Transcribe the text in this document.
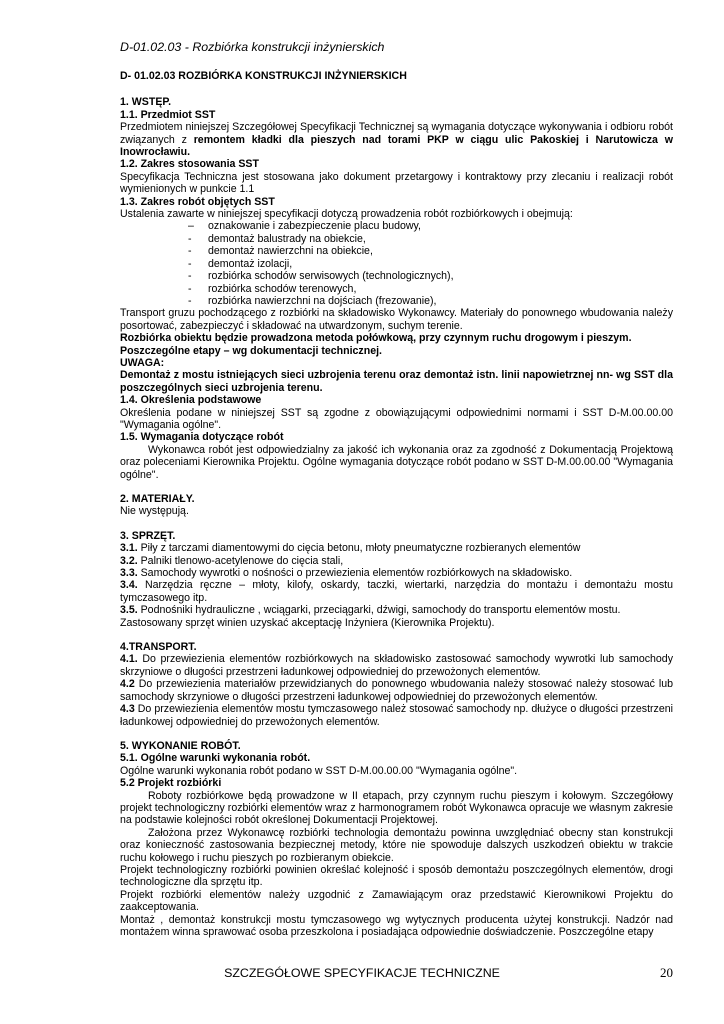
D-01.02.03 - Rozbiórka konstrukcji inżynierskich

D- 01.02.03 ROZBIÓRKA KONSTRUKCJI INŻYNIERSKICH

1. WSTĘP.

1.1. Przedmiot SST

Przedmiotem niniejszej Szczegółowej Specyfikacji Technicznej są wymagania dotyczące wykonywania i odbioru robót związanych z remontem kładki dla pieszych nad torami PKP w ciągu ulic Pakoskiej i Narutowicza w Inowrocławiu.

1.2. Zakres stosowania SST

Specyfikacja Techniczna jest stosowana jako dokument przetargowy i kontraktowy przy zlecaniu i realizacji robót wymienionych w punkcie 1.1

1.3. Zakres robót objętych SST

Ustalenia zawarte w niniejszej specyfikacji dotyczą prowadzenia robót rozbiórkowych i obejmują:

–	oznakowanie i zabezpieczenie placu budowy,
-	demontaż balustrady na obiekcie,
-	demontaż nawierzchni na obiekcie,
-	demontaż izolacji,
-	rozbiórka schodów serwisowych (technologicznych),
-	rozbiórka schodów terenowych,
-	rozbiórka nawierzchni na dojściach (frezowanie),

Transport gruzu pochodzącego z rozbiórki na składowisko Wykonawcy. Materiały do ponownego wbudowania należy posortować, zabezpieczyć i składować na utwardzonym, suchym terenie.

Rozbiórka obiektu będzie prowadzona metoda połówkową, przy czynnym ruchu drogowym i pieszym.

Poszczególne etapy – wg dokumentacji technicznej.

UWAGA:

Demontaż z mostu istniejących sieci uzbrojenia terenu oraz demontaż istn. linii napowietrznej nn- wg SST dla poszczególnych sieci uzbrojenia terenu.

1.4. Określenia podstawowe

Określenia podane w niniejszej SST są zgodne z obowiązującymi odpowiednimi normami i SST D-M.00.00.00 "Wymagania ogólne".

1.5. Wymagania dotyczące robót

Wykonawca robót jest odpowiedzialny za jakość ich wykonania oraz za zgodność z Dokumentacją Projektową oraz poleceniami Kierownika Projektu. Ogólne wymagania dotyczące robót podano w SST D-M.00.00.00 "Wymagania ogólne".

2. MATERIAŁY.

Nie występują.

3. SPRZĘT.

3.1. Piły z tarczami diamentowymi do cięcia betonu, młoty pneumatyczne rozbieranych elementów

3.2. Palniki tlenowo-acetylenowe do cięcia stali,

3.3. Samochody wywrotki o nośności o przewiezienia elementów rozbiórkowych na składowisko.

3.4. Narzędzia ręczne – młoty, kilofy, oskardy, taczki, wiertarki, narzędzia do montażu i demontażu mostu tymczasowego itp.

3.5. Podnośniki hydrauliczne , wciągarki, przeciągarki, dźwigi, samochody do transportu elementów mostu.

Zastosowany sprzęt winien uzyskać akceptację Inżyniera (Kierownika Projektu).

4.TRANSPORT.

4.1. Do przewiezienia elementów rozbiórkowych na składowisko zastosować samochody wywrotki lub samochody skrzyniowe o długości przestrzeni ładunkowej odpowiedniej do przewożonych elementów.

4.2 Do przewiezienia materiałów przewidzianych do ponownego wbudowania należy stosować należy stosować lub samochody skrzyniowe o długości przestrzeni ładunkowej odpowiedniej do przewożonych elementów.

4.3 Do przewiezienia elementów mostu tymczasowego należ stosować samochody np. dłużyce o długości przestrzeni ładunkowej odpowiedniej do przewożonych elementów.

5. WYKONANIE ROBÓT.

5.1. Ogólne warunki wykonania robót.

Ogólne warunki wykonania robót podano w SST D-M.00.00.00 "Wymagania ogólne".

5.2 Projekt rozbiórki

Roboty rozbiórkowe będą prowadzone w II etapach, przy czynnym ruchu pieszym i kołowym. Szczegółowy projekt technologiczny rozbiórki elementów wraz z harmonogramem robót Wykonawca opracuje we własnym zakresie na podstawie kolejności robót określonej Dokumentacji Projektowej.

Założona przez Wykonawcę rozbiórki technologia demontażu powinna uwzględniać obecny stan konstrukcji oraz konieczność zastosowania bezpiecznej metody, które nie spowoduje dalszych uszkodzeń obiektu w trakcie ruchu kołowego i ruchu pieszych po rozbieranym obiekcie.

Projekt technologiczny rozbiórki powinien określać kolejność i sposób demontażu poszczególnych elementów, drogi technologiczne dla sprzętu itp.

Projekt rozbiórki elementów należy uzgodnić z Zamawiającym oraz przedstawić Kierownikowi Projektu do zaakceptowania.

Montaż , demontaż konstrukcji mostu tymczasowego wg wytycznych producenta użytej konstrukcji. Nadzór nad montażem winna sprawować osoba przeszkolona i posiadająca odpowiednie doświadczenie. Poszczególne etapy

SZCZEGÓŁOWE SPECYFIKACJE TECHNICZNE	20
